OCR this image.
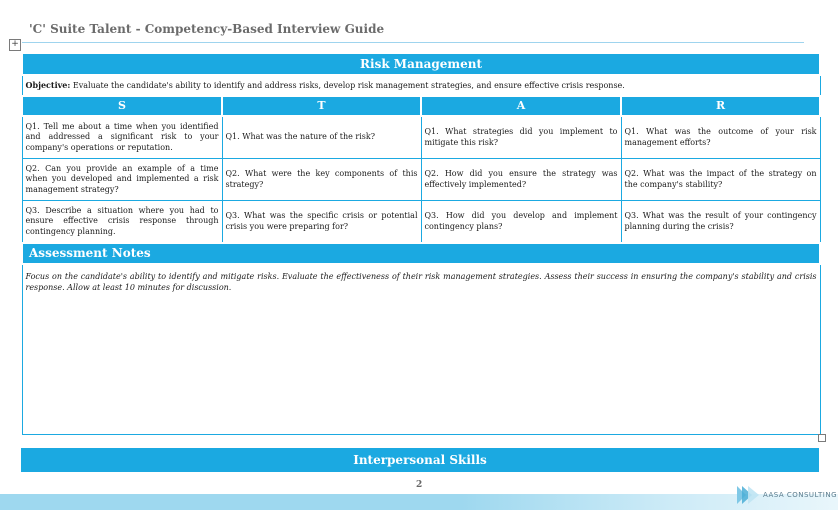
'C' Suite Talent - Competency-Based Interview Guide
+
Risk Management			
Objective: Evaluate the candidate's ability to identify and address risks, develop risk management strategies, and ensure effective crisis response.			
S	T	A	R
Q1. Tell me about a time when you identified and addressed a significant risk to your company's operations or reputation.	Q1. What was the nature of the risk?	Q1. What strategies did you implement to mitigate this risk?	Q1. What was the outcome of your risk management efforts?
Q2. Can you provide an example of a time when you developed and implemented a risk management strategy?	Q2. What were the key components of this strategy?	Q2. How did you ensure the strategy was effectively implemented?	Q2. What was the impact of the strategy on the company's stability?
Q3. Describe a situation where you had to ensure effective crisis response through contingency planning.	Q3. What was the specific crisis or potential crisis you were preparing for?	Q3. How did you develop and implement contingency plans?	Q3. What was the result of your contingency planning during the crisis?
Assessment Notes			
Focus on the candidate's ability to identify and mitigate risks. Evaluate the effectiveness of their risk management strategies. Assess their success in ensuring the company's stability and crisis response. Allow at least 10 minutes for discussion.			
Interpersonal Skills
2
AASA CONSULTING
